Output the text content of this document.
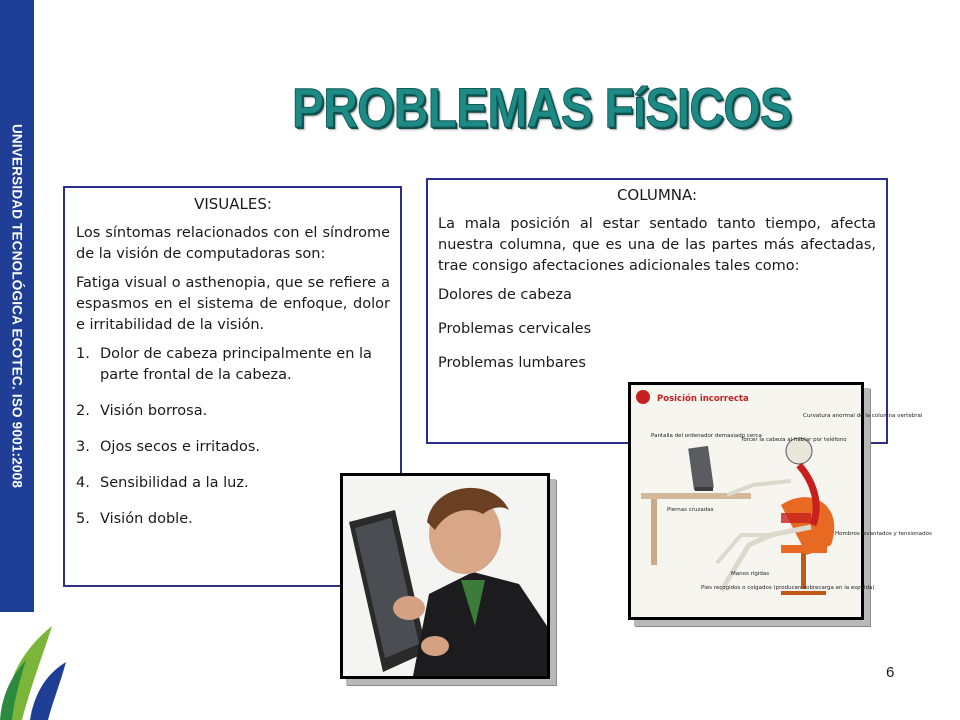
UNIVERSIDAD TECNOLÓGICA ECOTEC. ISO 9001:2008
PROBLEMAS FíSICOS

VISUALES:

Los síntomas relacionados con el síndrome de la visión de computadoras son:

Fatiga visual o asthenopia, que se refiere a espasmos en el sistema de enfoque, dolor e irritabilidad de la visión.

1. Dolor de cabeza principalmente en la parte frontal de la cabeza.
2. Visión borrosa.
3. Ojos secos e irritados.
4. Sensibilidad a la luz.
5. Visión doble.

COLUMNA:

La mala posición al estar sentado tanto tiempo, afecta nuestra columna, que es una de las partes más afectadas, trae consigo afectaciones adicionales tales como:

Dolores de cabeza

Problemas cervicales

Problemas lumbares

Posición incorrecta
Curvatura anormal de la columna vertebral
Pantalla del ordenador demasiado cerca
Torcer la cabeza al hablar por teléfono
Piernas cruzadas
Hombros levantados y tensionados
Manos rígidas
Pies recogidos o colgados (producen sobrecarga en la espalda)
6
